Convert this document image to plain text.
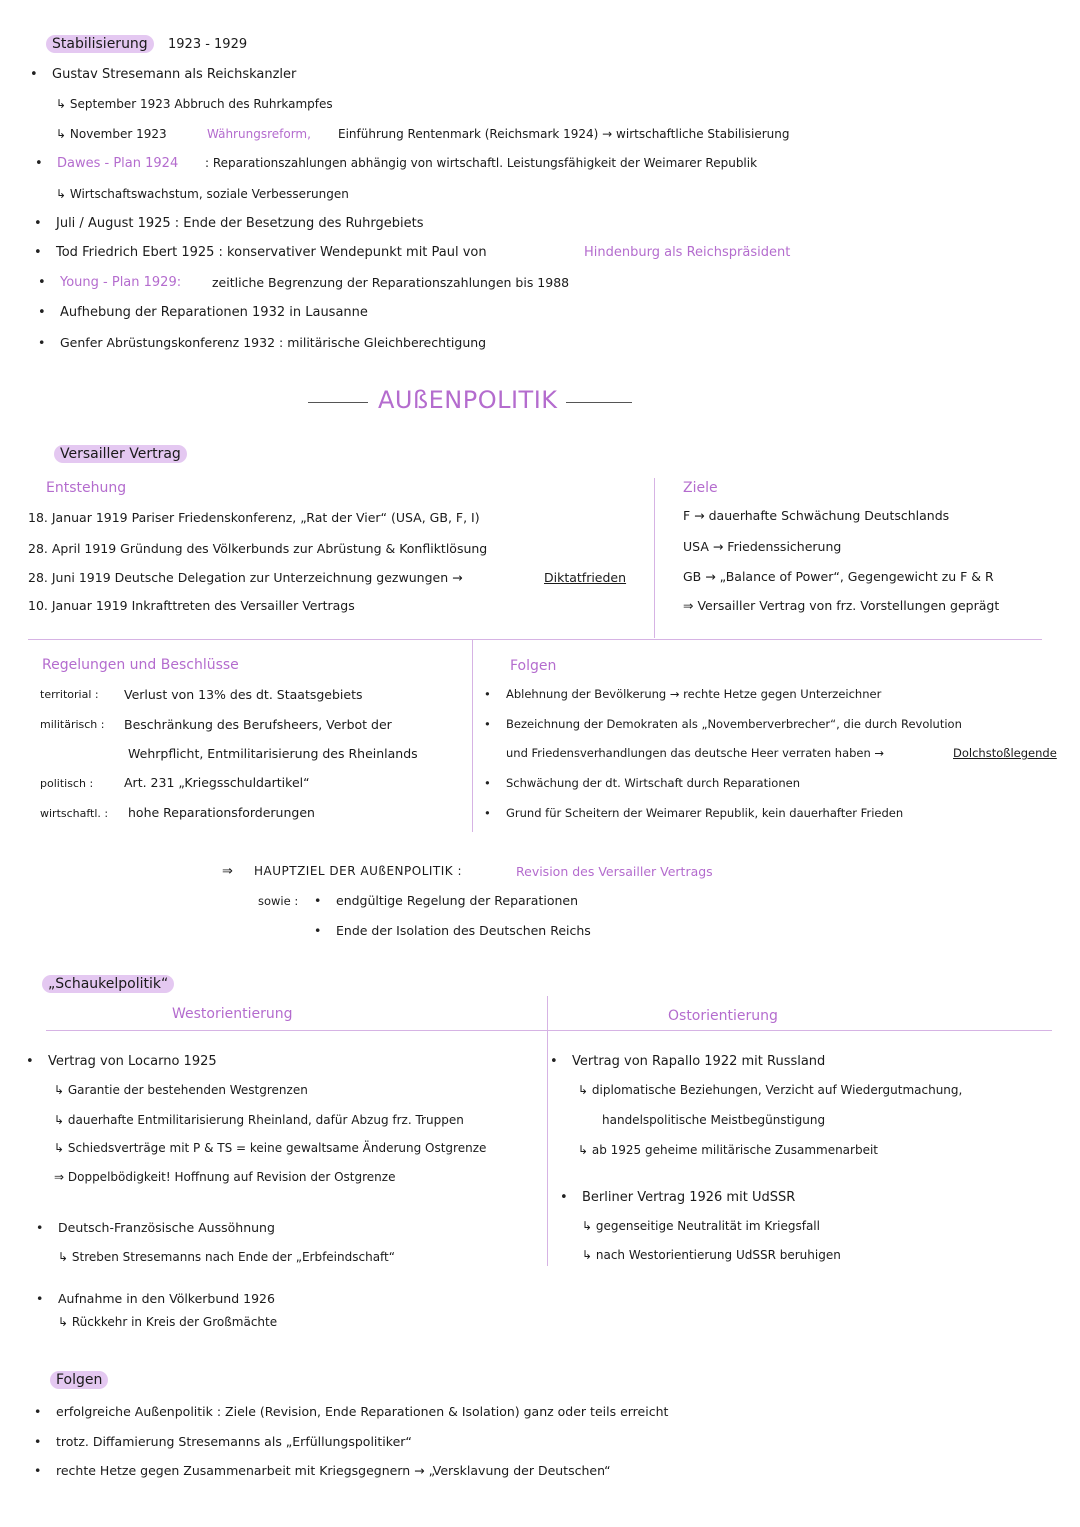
Stabilisierung	1923 - 1929
• Gustav Stresemann als Reichskanzler
↳ September 1923 Abbruch des Ruhrkampfes
↳ November 1923	Währungsreform, Einführung Rentenmark (Reichsmark 1924) → wirtschaftliche Stabilisierung
• Dawes - Plan 1924 : Reparationszahlungen abhängig von wirtschaftl. Leistungsfähigkeit der Weimarer Republik
↳ Wirtschaftswachstum, soziale Verbesserungen
• Juli / August 1925 : Ende der Besetzung des Ruhrgebiets
• Tod Friedrich Ebert 1925 : konservativer Wendepunkt mit Paul von	Hindenburg als Reichspräsident
• Young - Plan 1929: zeitliche Begrenzung der Reparationszahlungen bis 1988
• Aufhebung der Reparationen 1932 in Lausanne
• Genfer Abrüstungskonferenz 1932 : militärische Gleichberechtigung
AUßENPOLITIK
Versailler Vertrag
Entstehung
18. Januar 1919 Pariser Friedenskonferenz, „Rat der Vier“ (USA, GB, F, I)
28. April 1919 Gründung des Völkerbunds zur Abrüstung & Konfliktlösung
28. Juni 1919 Deutsche Delegation zur Unterzeichnung gezwungen →	Diktatfrieden
10. Januar 1919 Inkrafttreten des Versailler Vertrags
Ziele
F → dauerhafte Schwächung Deutschlands
USA → Friedenssicherung
GB → „Balance of Power“, Gegengewicht zu F & R
⇒ Versailler Vertrag von frz. Vorstellungen geprägt
Regelungen und Beschlüsse
territorial : Verlust von 13% des dt. Staatsgebiets
militärisch : Beschränkung des Berufsheers, Verbot der
Wehrpflicht, Entmilitarisierung des Rheinlands
politisch : Art. 231 „Kriegsschuldartikel“
wirtschaftl. : hohe Reparationsforderungen
Folgen
• Ablehnung der Bevölkerung → rechte Hetze gegen Unterzeichner
• Bezeichnung der Demokraten als „Novemberverbrecher“, die durch Revolution
und Friedensverhandlungen das deutsche Heer verraten haben →	Dolchstoßlegende
• Schwächung der dt. Wirtschaft durch Reparationen
• Grund für Scheitern der Weimarer Republik, kein dauerhafter Frieden
⇒ HAUPTZIEL DER AUßENPOLITIK :	Revision des Versailler Vertrags
sowie :
•	endgültige Regelung der Reparationen
• Ende der Isolation des Deutschen Reichs
„Schaukelpolitik“
Westorientierung	Ostorientierung
• Vertrag von Locarno 1925
↳ Garantie der bestehenden Westgrenzen
↳ dauerhafte Entmilitarisierung Rheinland, dafür Abzug frz. Truppen
↳ Schiedsverträge mit P & TS = keine gewaltsame Änderung Ostgrenze
⇒ Doppelbödigkeit! Hoffnung auf Revision der Ostgrenze
• Deutsch-Französische Aussöhnung
↳ Streben Stresemanns nach Ende der „Erbfeindschaft“
• Aufnahme in den Völkerbund 1926
↳ Rückkehr in Kreis der Großmächte
• Vertrag von Rapallo 1922 mit Russland
↳ diplomatische Beziehungen, Verzicht auf Wiedergutmachung,
handelspolitische Meistbegünstigung
↳ ab 1925 geheime militärische Zusammenarbeit
• Berliner Vertrag 1926 mit UdSSR
↳ gegenseitige Neutralität im Kriegsfall
↳ nach Westorientierung UdSSR beruhigen
Folgen
• erfolgreiche Außenpolitik : Ziele (Revision, Ende Reparationen & Isolation) ganz oder teils erreicht
• trotz. Diffamierung Stresemanns als „Erfüllungspolitiker“
• rechte Hetze gegen Zusammenarbeit mit Kriegsgegnern → „Versklavung der Deutschen“
